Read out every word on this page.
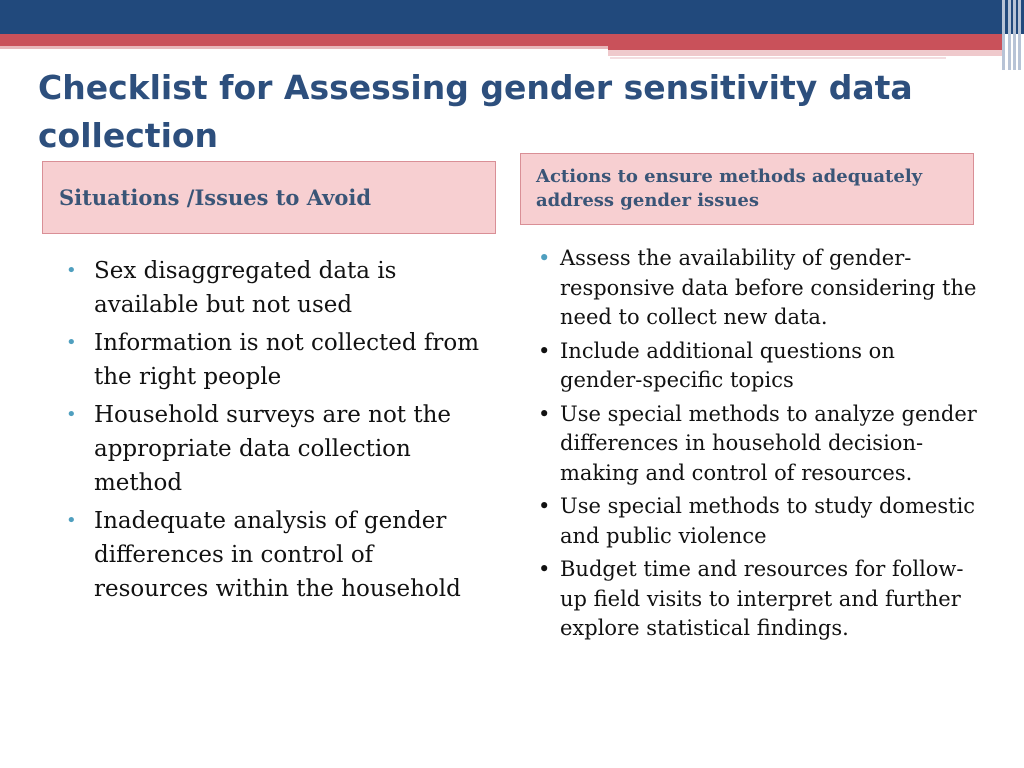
Checklist for Assessing gender sensitivity data collection
Situations /Issues to Avoid
Actions to ensure methods adequately address gender issues
• Sex disaggregated data is available but not used
• Information is not collected from the right people
• Household surveys are not the appropriate data collection method
• Inadequate analysis of gender differences in control of resources within the household
• Assess the availability of gender-responsive data before considering the need to collect new data.
• Include additional questions on gender-specific topics
• Use special methods to analyze gender differences in household decision-making and control of resources.
• Use special methods to study domestic and public violence
• Budget time and resources for follow-up field visits to interpret and further explore statistical findings.
